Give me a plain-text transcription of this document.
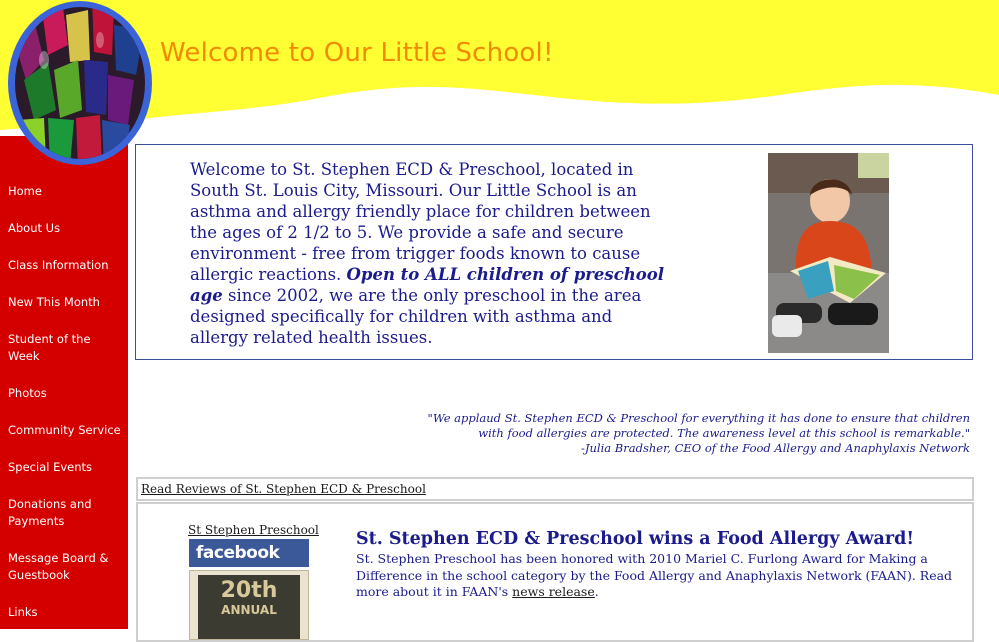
Welcome to Our Little School!
Home
About Us
Class Information
New This Month
Student of the Week
Photos
Community Service
Special Events
Donations and Payments
Message Board & Guestbook
Links
Welcome to St. Stephen ECD & Preschool, located in South St. Louis City, Missouri. Our Little School is an asthma and allergy friendly place for children between the ages of 2 1/2 to 5. We provide a safe and secure environment - free from trigger foods known to cause allergic reactions. Open to ALL children of preschool age since 2002, we are the only preschool in the area designed specifically for children with asthma and allergy related health issues.
"We applaud St. Stephen ECD & Preschool for everything it has done to ensure that children
with food allergies are protected. The awareness level at this school is remarkable."
-Julia Bradsher, CEO of the Food Allergy and Anaphylaxis Network
Read Reviews of St. Stephen ECD & Preschool
St Stephen Preschool
facebook
20th
ANNUAL
St. Stephen ECD & Preschool wins a Food Allergy Award!
St. Stephen Preschool has been honored with 2010 Mariel C. Furlong Award for Making a Difference in the school category by the Food Allergy and Anaphylaxis Network (FAAN). Read more about it in FAAN's news release.
